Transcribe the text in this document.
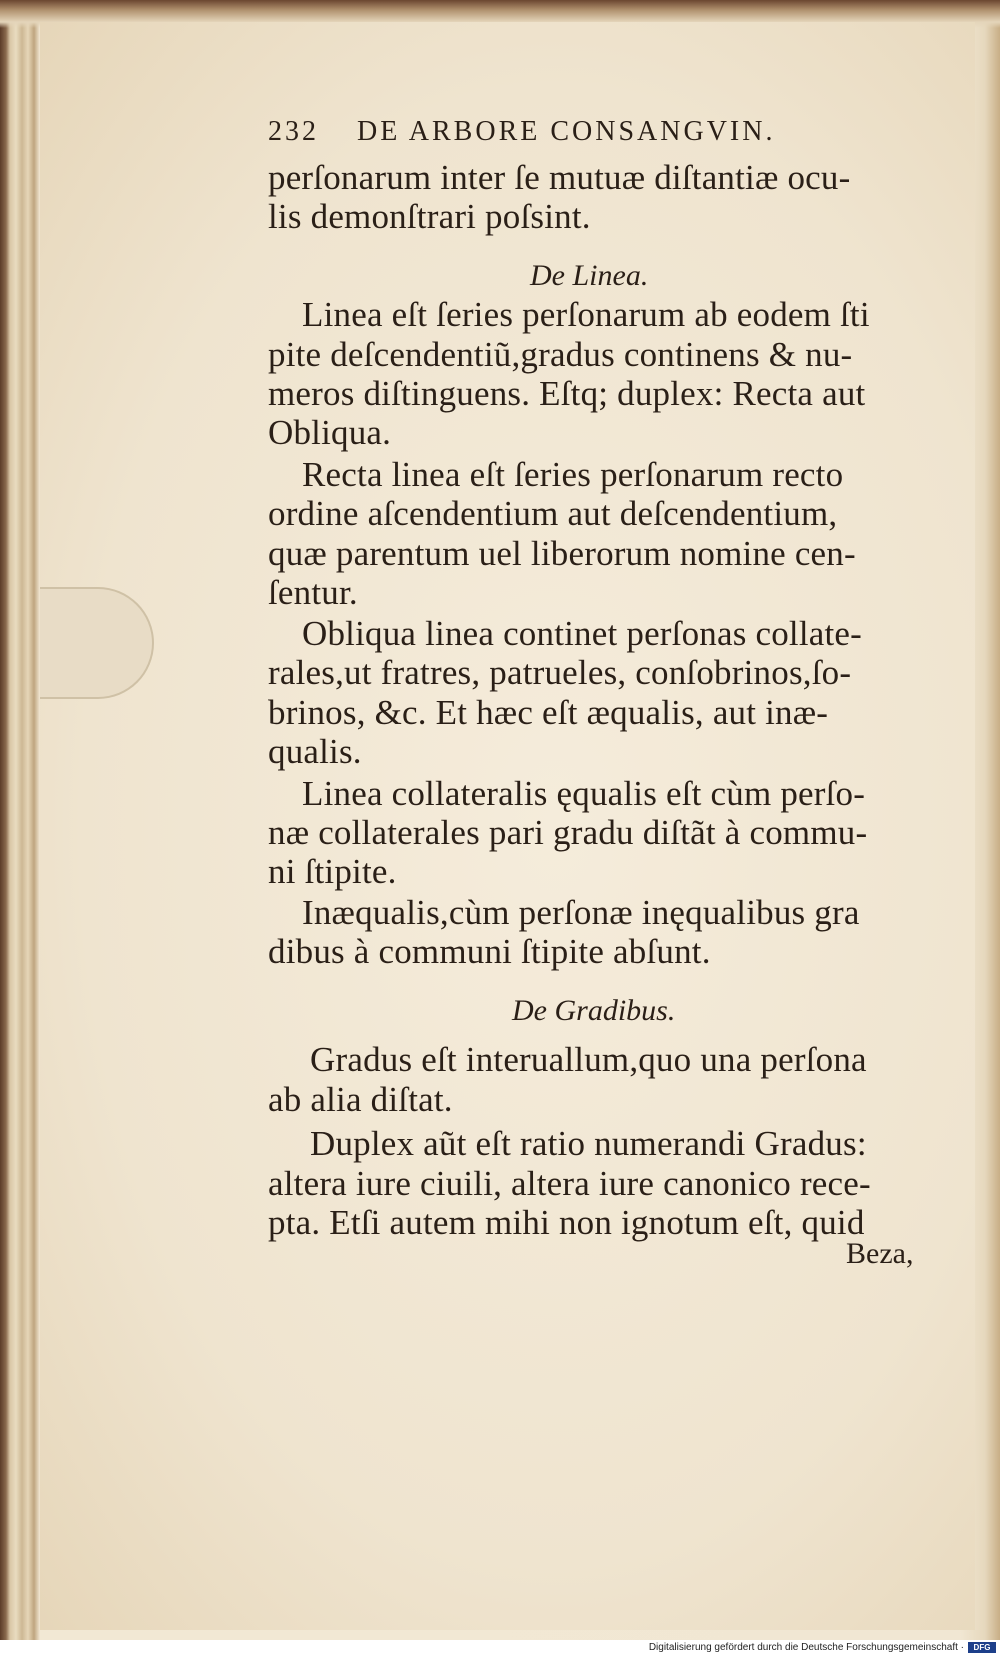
232 DE ARBORE CONSANGVIN.

perſonarum inter ſe mutuæ diſtantiæ ocu-

lis demonſtrari poſsint.

De Linea.

Linea eſt ſeries perſonarum ab eodem ſti

pite deſcendentiũ,gradus continens & nu-

meros diſtinguens. Eſtq; duplex: Recta aut

Obliqua.

Recta linea eſt ſeries perſonarum recto

ordine aſcendentium aut deſcendentium,

quæ parentum uel liberorum nomine cen-

ſentur.

Obliqua linea continet perſonas collate-

rales,ut fratres, patrueles, conſobrinos,ſo-

brinos, &c. Et hæc eſt æqualis, aut inæ-

qualis.

Linea collateralis ęqualis eſt cùm perſo-

næ collaterales pari gradu diſtãt à commu-

ni ſtipite.

Inæqualis,cùm perſonæ inęqualibus gra

dibus à communi ſtipite abſunt.

De Gradibus.

Gradus eſt interuallum,quo una perſona

ab alia diſtat.

Duplex aũt eſt ratio numerandi Gradus:

altera iure ciuili, altera iure canonico rece-

pta. Etſi autem mihi non ignotum eſt, quid

Beza,
Digitalisierung gefördert durch die Deutsche Forschungsgemeinschaft ·	DFG
